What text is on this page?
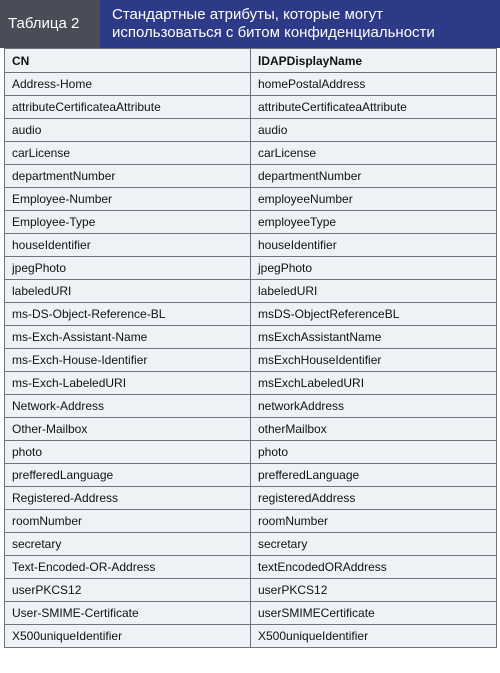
Таблица 2
Стандартные атрибуты, которые могут использоваться с битом конфиденциальности
CN	lDAPDisplayName
Address-Home	homePostalAddress
attributeCertificateaAttribute	attributeCertificateaAttribute
audio	audio
carLicense	carLicense
departmentNumber	departmentNumber
Employee-Number	employeeNumber
Employee-Type	employeeType
houseIdentifier	houseIdentifier
jpegPhoto	jpegPhoto
labeledURI	labeledURI
ms-DS-Object-Reference-BL	msDS-ObjectReferenceBL
ms-Exch-Assistant-Name	msExchAssistantName
ms-Exch-House-Identifier	msExchHouseIdentifier
ms-Exch-LabeledURI	msExchLabeledURI
Network-Address	networkAddress
Other-Mailbox	otherMailbox
photo	photo
prefferedLanguage	prefferedLanguage
Registered-Address	registeredAddress
roomNumber	roomNumber
secretary	secretary
Text-Encoded-OR-Address	textEncodedORAddress
userPKCS12	userPKCS12
User-SMIME-Certificate	userSMIMECertificate
X500uniqueIdentifier	X500uniqueIdentifier
